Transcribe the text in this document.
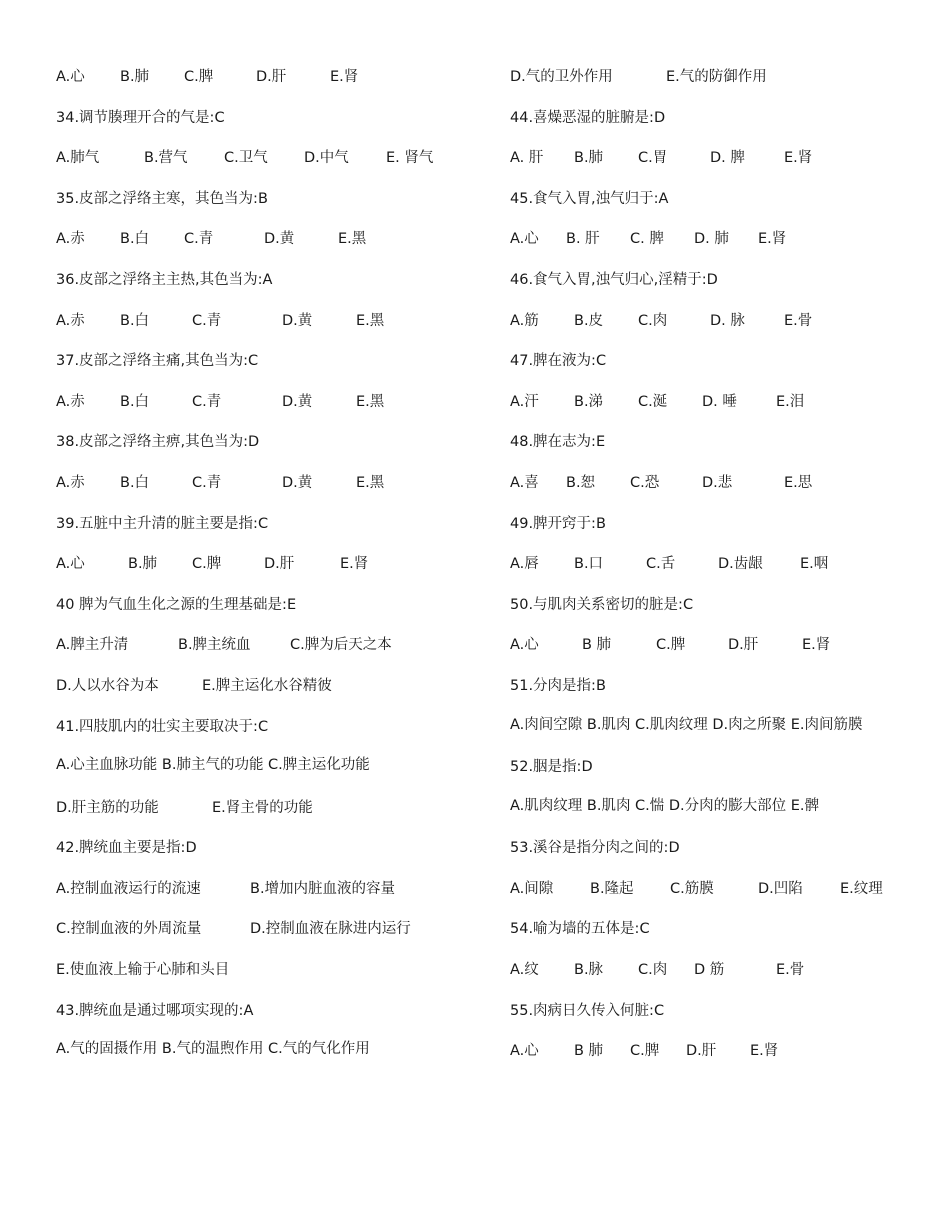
A.心 B.肺 C.脾	D.肝	E.肾
34.调节腠理开合的气是:C
A.肺气	B.营气	C.卫气	D.中气	E. 肾气
35.皮部之浮络主寒，其色当为:B
A.赤 B.白 C.青	D.黄	E.黑
36.皮部之浮络主主热,其色当为:A
A.赤 B.白	C.青	D.黄	E.黑
37.皮部之浮络主痛,其色当为:C
A.赤 B.白	C.青	D.黄	E.黑
38.皮部之浮络主痹,其色当为:D
A.赤 B.白	C.青	D.黄	E.黑
39.五脏中主升清的脏主要是指:C
A.心	B.肺 C.脾	D.肝	E.肾
40 脾为气血生化之源的生理基础是:E
A.脾主升清	B.脾主统血	C.脾为后天之本
D.人以水谷为本	E.脾主运化水谷精彼
41.四肢肌内的壮实主要取决于:C
A.心主血脉功能 B.肺主气的功能 C.脾主运化功能
D.肝主筋的功能	E.肾主骨的功能
42.脾统血主要是指:D
A.控制血液运行的流速	B.增加内脏血液的容量
C.控制血液的外周流量	D.控制血液在脉进内运行
E.使血液上输于心肺和头目
43.脾统血是通过哪项实现的:A
A.气的固摄作用 B.气的温煦作用 C.气的气化作用
D.气的卫外作用	E.气的防御作用
44.喜燥恶湿的脏腑是:D
A. 肝 B.肺 C.胃	D. 脾	E.肾
45.食气入胃,浊气归于:A
A.心 B. 肝 C. 脾 D. 肺 E.肾
46.食气入胃,浊气归心,淫精于:D
A.筋 B.皮 C.肉	D. 脉	E.骨
47.脾在液为:C
A.汗 B.涕 C.涎 D. 唾	E.泪
48.脾在志为:E
A.喜 B.恕 C.恐	D.悲	E.思
49.脾开窍于:B
A.唇 B.口	C.舌	D.齿龈	E.咽
50.与肌肉关系密切的脏是:C
A.心	B 肺	C.脾	D.肝	E.肾
51.分肉是指:B
A.肉间空隙 B.肌肉 C.肌肉纹理 D.肉之所聚 E.肉间筋膜
52.胭是指:D
A.肌肉纹理 B.肌肉 C.惴 D.分肉的膨大部位 E.髀
53.溪谷是指分肉之间的:D
A.间隙	B.隆起	C.筋膜	D.凹陷	E.纹理
54.喻为墙的五体是:C
A.纹 B.脉 C.肉 D 筋	E.骨
55.肉病日久传入何脏:C
A.心 B 肺 C.脾 D.肝 E.肾
